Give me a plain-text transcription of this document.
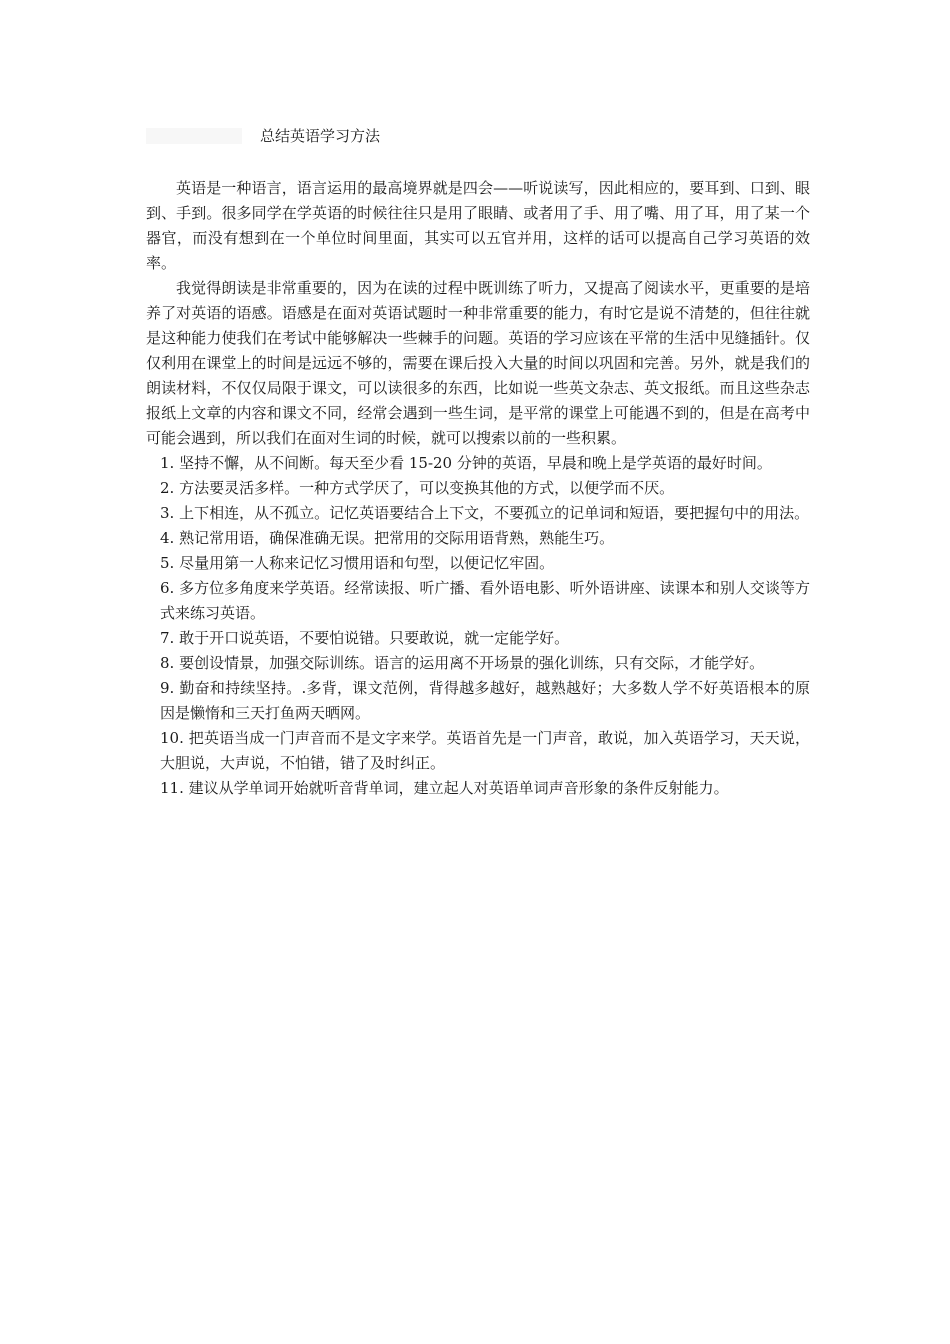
总结英语学习方法

英语是一种语言，语言运用的最高境界就是四会——听说读写，因此相应的，要耳到、口到、眼到、手到。很多同学在学英语的时候往往只是用了眼睛、或者用了手、用了嘴、用了耳，用了某一个器官，而没有想到在一个单位时间里面，其实可以五官并用，这样的话可以提高自己学习英语的效率。

我觉得朗读是非常重要的，因为在读的过程中既训练了听力，又提高了阅读水平，更重要的是培养了对英语的语感。语感是在面对英语试题时一种非常重要的能力，有时它是说不清楚的，但往往就是这种能力使我们在考试中能够解决一些棘手的问题。英语的学习应该在平常的生活中见缝插针。仅仅利用在课堂上的时间是远远不够的，需要在课后投入大量的时间以巩固和完善。另外，就是我们的朗读材料，不仅仅局限于课文，可以读很多的东西，比如说一些英文杂志、英文报纸。而且这些杂志报纸上文章的内容和课文不同，经常会遇到一些生词，是平常的课堂上可能遇不到的，但是在高考中可能会遇到，所以我们在面对生词的时候，就可以搜索以前的一些积累。

1. 坚持不懈，从不间断。每天至少看 15-20 分钟的英语，早晨和晚上是学英语的最好时间。
2. 方法要灵活多样。一种方式学厌了，可以变换其他的方式，以便学而不厌。
3. 上下相连，从不孤立。记忆英语要结合上下文，不要孤立的记单词和短语，要把握句中的用法。
4. 熟记常用语，确保准确无误。把常用的交际用语背熟，熟能生巧。
5. 尽量用第一人称来记忆习惯用语和句型，以便记忆牢固。
6. 多方位多角度来学英语。经常读报、听广播、看外语电影、听外语讲座、读课本和别人交谈等方式来练习英语。
7. 敢于开口说英语，不要怕说错。只要敢说，就一定能学好。
8. 要创设情景，加强交际训练。语言的运用离不开场景的强化训练，只有交际，才能学好。
9. 勤奋和持续坚持。.多背，课文范例，背得越多越好，越熟越好；大多数人学不好英语根本的原因是懒惰和三天打鱼两天晒网。
10. 把英语当成一门声音而不是文字来学。英语首先是一门声音，敢说，加入英语学习，天天说，大胆说，大声说，不怕错，错了及时纠正。
11. 建议从学单词开始就听音背单词，建立起人对英语单词声音形象的条件反射能力。
